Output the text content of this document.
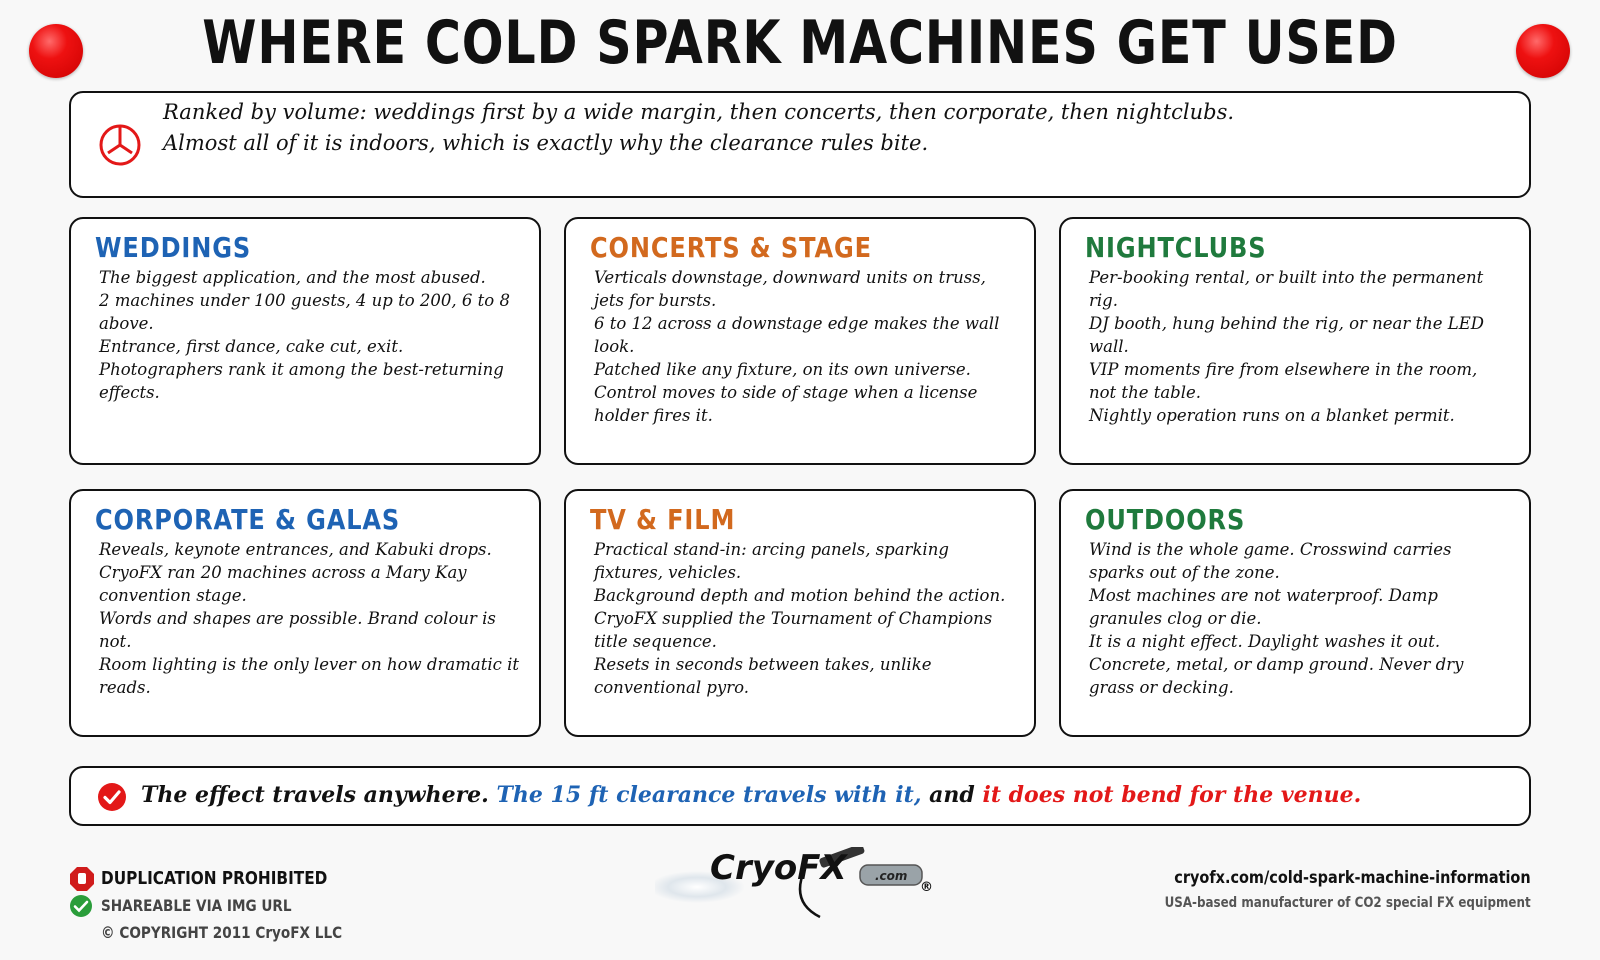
WHERE COLD SPARK MACHINES GET USED
Ranked by volume: weddings first by a wide margin, then concerts, then corporate, then nightclubs.
Almost all of it is indoors, which is exactly why the clearance rules bite.
WEDDINGS
The biggest application, and the most abused.
2 machines under 100 guests, 4 up to 200, 6 to 8 above.
Entrance, first dance, cake cut, exit.
Photographers rank it among the best-returning effects.
CONCERTS & STAGE
Verticals downstage, downward units on truss, jets for bursts.
6 to 12 across a downstage edge makes the wall look.
Patched like any fixture, on its own universe.
Control moves to side of stage when a license holder fires it.
NIGHTCLUBS
Per-booking rental, or built into the permanent rig.
DJ booth, hung behind the rig, or near the LED wall.
VIP moments fire from elsewhere in the room, not the table.
Nightly operation runs on a blanket permit.
CORPORATE & GALAS
Reveals, keynote entrances, and Kabuki drops.
CryoFX ran 20 machines across a Mary Kay convention stage.
Words and shapes are possible. Brand colour is not.
Room lighting is the only lever on how dramatic it reads.
TV & FILM
Practical stand-in: arcing panels, sparking fixtures, vehicles.
Background depth and motion behind the action.
CryoFX supplied the Tournament of Champions title sequence.
Resets in seconds between takes, unlike conventional pyro.
OUTDOORS
Wind is the whole game. Crosswind carries sparks out of the zone.
Most machines are not waterproof. Damp granules clog or die.
It is a night effect. Daylight washes it out.
Concrete, metal, or damp ground. Never dry grass or decking.
The effect travels anywhere. The 15 ft clearance travels with it, and it does not bend for the venue.
DUPLICATION PROHIBITED
SHAREABLE VIA IMG URL
© COPYRIGHT 2011 CryoFX LLC
CryoFX .com
®	cryofx.com/cold-spark-machine-information
USA-based manufacturer of CO2 special FX equipment
